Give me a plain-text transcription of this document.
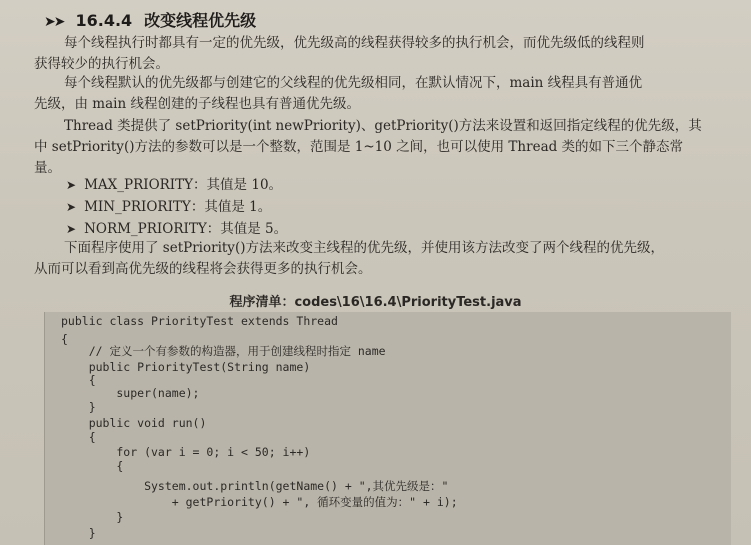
➤➤ 16.4.4 改变线程优先级
每个线程执行时都具有一定的优先级，优先级高的线程获得较多的执行机会，而优先级低的线程则
获得较少的执行机会。
每个线程默认的优先级都与创建它的父线程的优先级相同，在默认情况下，main 线程具有普通优
先级，由 main 线程创建的子线程也具有普通优先级。
Thread 类提供了 setPriority(int newPriority)、getPriority()方法来设置和返回指定线程的优先级，其
中 setPriority()方法的参数可以是一个整数，范围是 1~10 之间，也可以使用 Thread 类的如下三个静态常
量。
➤ MAX_PRIORITY：其值是 10。
➤ MIN_PRIORITY：其值是 1。
➤ NORM_PRIORITY：其值是 5。
下面程序使用了 setPriority()方法来改变主线程的优先级，并使用该方法改变了两个线程的优先级，
从而可以看到高优先级的线程将会获得更多的执行机会。
程序清单：codes\16\16.4\PriorityTest.java
public class PriorityTest extends Thread
{
// 定义一个有参数的构造器，用于创建线程时指定 name
public PriorityTest(String name)
{
super(name);
}
public void run()
{
for (var i = 0; i < 50; i++)
{
System.out.println(getName() + ",其优先级是："
+ getPriority() + ", 循环变量的值为：" + i);
}
}
